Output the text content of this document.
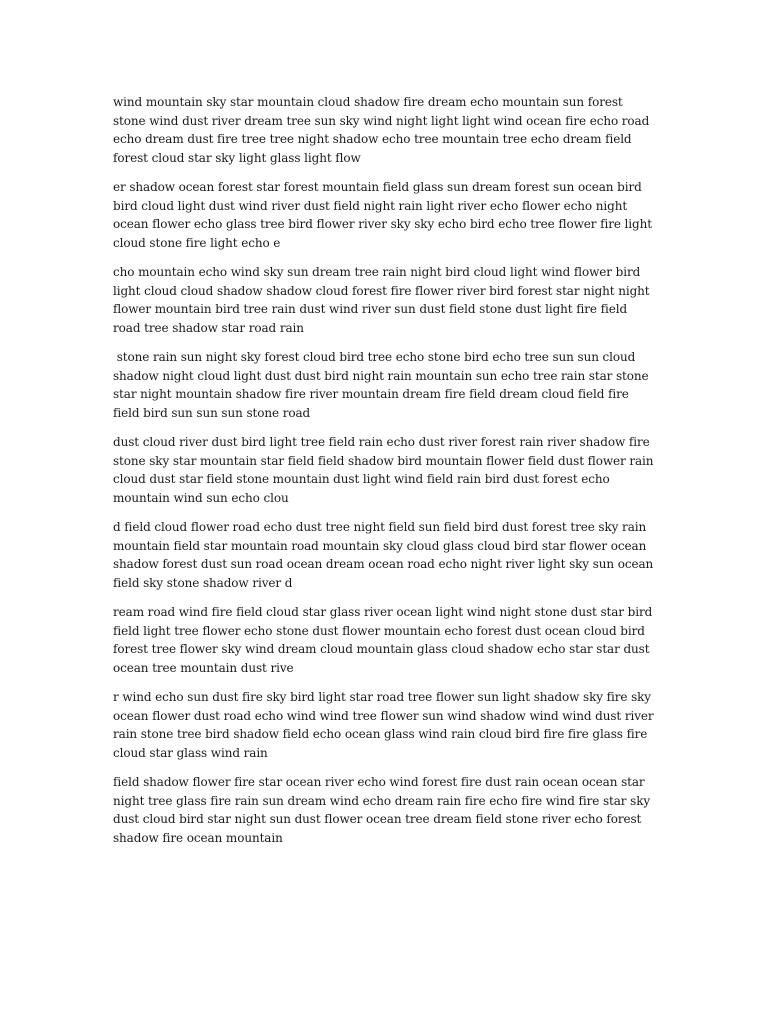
wind mountain sky star mountain cloud shadow fire dream echo mountain sun forest stone wind dust river dream tree sun sky wind night light light wind ocean fire echo road echo dream dust fire tree tree night shadow echo tree mountain tree echo dream field forest cloud star sky light glass light flow

er shadow ocean forest star forest mountain field glass sun dream forest sun ocean bird bird cloud light dust wind river dust field night rain light river echo flower echo night ocean flower echo glass tree bird flower river sky sky echo bird echo tree flower fire light cloud stone fire light echo e

cho mountain echo wind sky sun dream tree rain night bird cloud light wind flower bird light cloud cloud shadow shadow cloud forest fire flower river bird forest star night night flower mountain bird tree rain dust wind river sun dust field stone dust light fire field road tree shadow star road rain

stone rain sun night sky forest cloud bird tree echo stone bird echo tree sun sun cloud shadow night cloud light dust dust bird night rain mountain sun echo tree rain star stone star night mountain shadow fire river mountain dream fire field dream cloud field fire field bird sun sun sun stone road

dust cloud river dust bird light tree field rain echo dust river forest rain river shadow fire stone sky star mountain star field field shadow bird mountain flower field dust flower rain cloud dust star field stone mountain dust light wind field rain bird dust forest echo mountain wind sun echo clou

d field cloud flower road echo dust tree night field sun field bird dust forest tree sky rain mountain field star mountain road mountain sky cloud glass cloud bird star flower ocean shadow forest dust sun road ocean dream ocean road echo night river light sky sun ocean field sky stone shadow river d

ream road wind fire field cloud star glass river ocean light wind night stone dust star bird field light tree flower echo stone dust flower mountain echo forest dust ocean cloud bird forest tree flower sky wind dream cloud mountain glass cloud shadow echo star star dust ocean tree mountain dust rive

r wind echo sun dust fire sky bird light star road tree flower sun light shadow sky fire sky ocean flower dust road echo wind wind tree flower sun wind shadow wind wind dust river rain stone tree bird shadow field echo ocean glass wind rain cloud bird fire fire glass fire cloud star glass wind rain

field shadow flower fire star ocean river echo wind forest fire dust rain ocean ocean star night tree glass fire rain sun dream wind echo dream rain fire echo fire wind fire star sky dust cloud bird star night sun dust flower ocean tree dream field stone river echo forest shadow fire ocean mountain
